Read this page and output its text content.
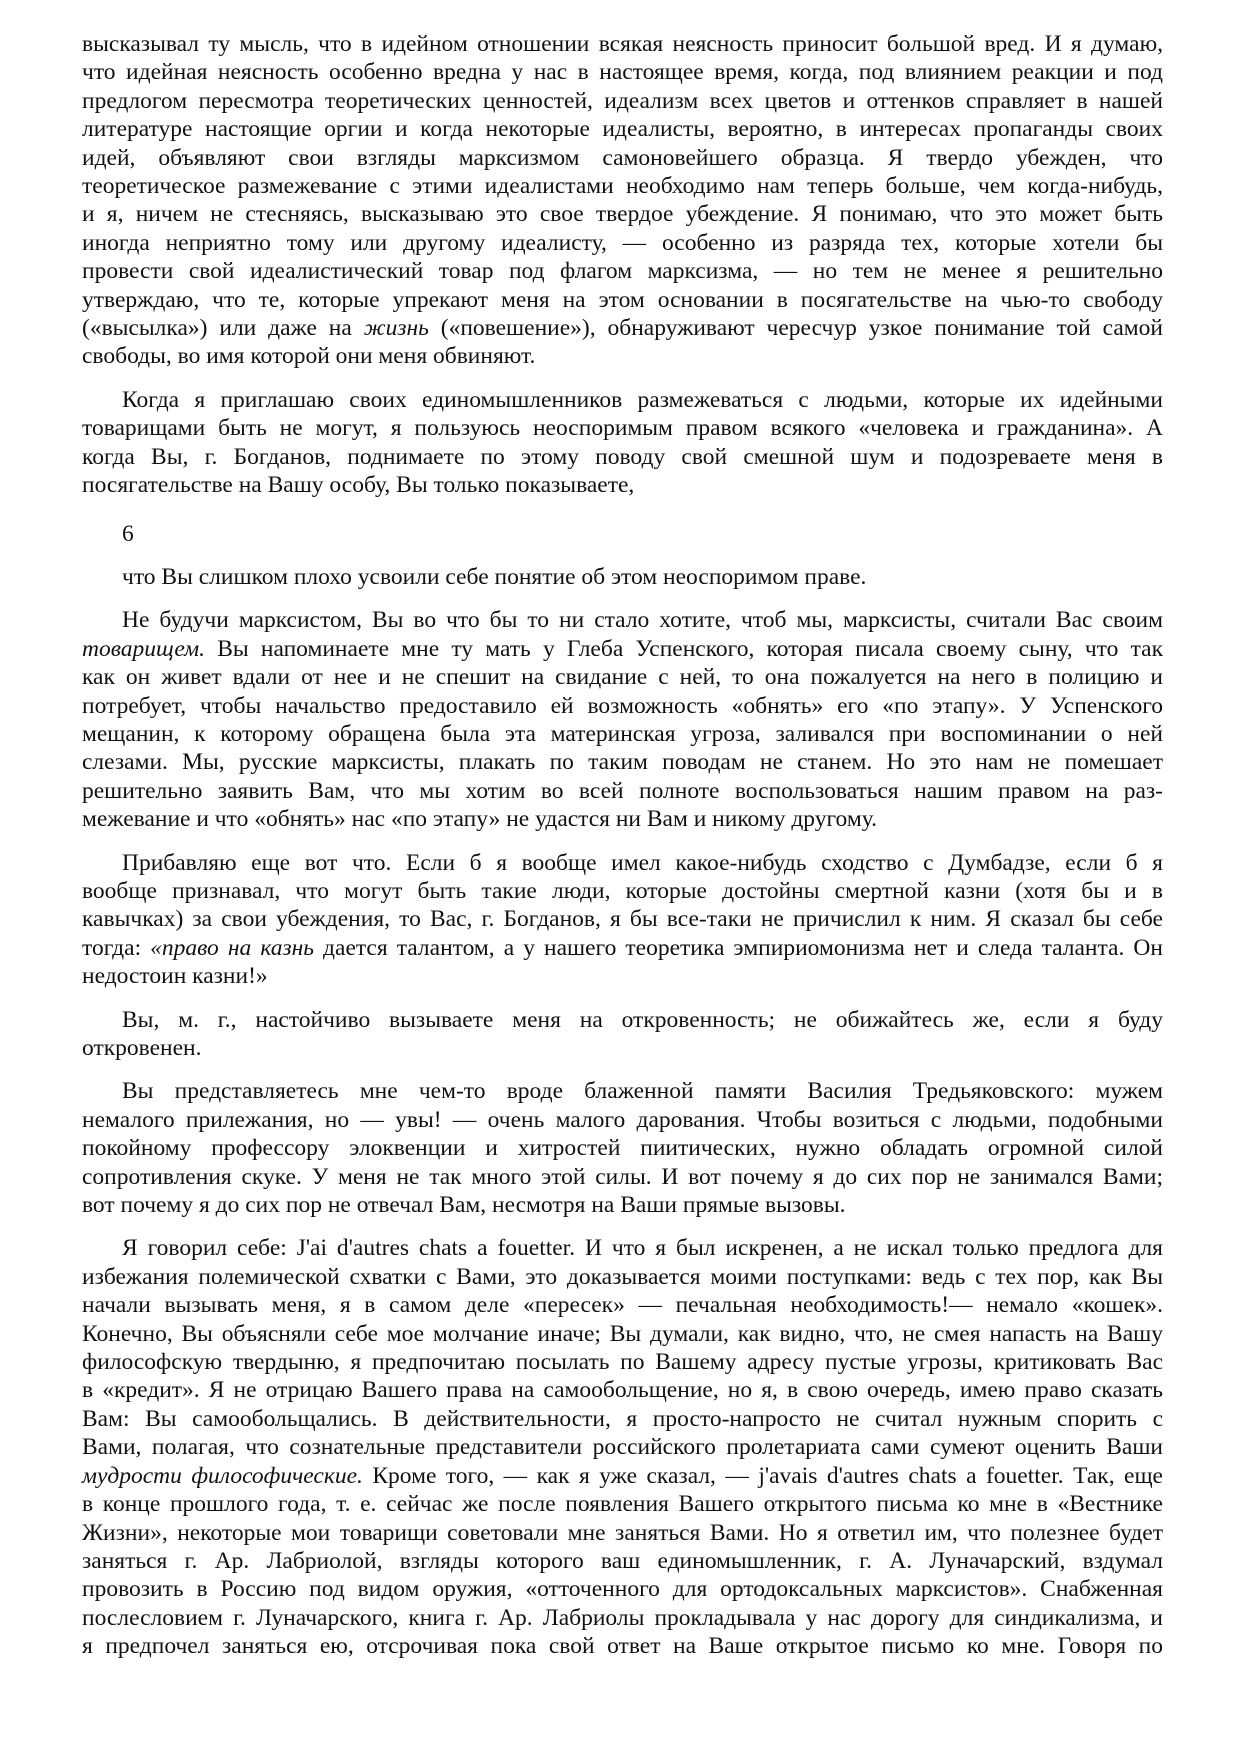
высказывал ту мысль, что в идейном отношении всякая неясность приносит большой вред. И я думаю,
что идейная неясность особенно вредна у нас в настоящее время, когда, под влиянием реакции и под
предлогом пересмотра теоретических ценностей, идеализм всех цветов и оттенков справляет в нашей
литературе настоящие оргии и когда некоторые идеалисты, вероятно, в интересах пропаганды своих
идей, объявляют свои взгляды марксизмом самоновейшего образца. Я твердо убежден, что
теоретическое размежевание с этими идеалистами необходимо нам теперь больше, чем когда-нибудь,
и я, ничем не стесняясь, высказываю это свое твердое убеждение. Я понимаю, что это может быть
иногда неприятно тому или другому идеалисту, — особенно из разряда тех, которые хотели бы
провести свой идеалистический товар под флагом марксизма, — но тем не менее я решительно
утверждаю, что те, которые упрекают меня на этом основании в посягательстве на чью-то свободу
(«высылка») или даже на жизнь («повешение»), обнаруживают чересчур узкое понимание той самой
свободы, во имя которой они меня обвиняют.
Когда я приглашаю своих единомышленников размежеваться с людьми, которые их идейными
товарищами быть не могут, я пользуюсь неоспоримым правом всякого «человека и гражданина». А
когда Вы, г. Богданов, поднимаете по этому поводу свой смешной шум и подозреваете меня в
посягательстве на Вашу особу, Вы только показываете,
6
что Вы слишком плохо усвоили себе понятие об этом неоспоримом праве.
Не будучи марксистом, Вы во что бы то ни стало хотите, чтоб мы, марксисты, считали Вас своим
товарищем. Вы напоминаете мне ту мать у Глеба Успенского, которая писала своему сыну, что так
как он живет вдали от нее и не спешит на свидание с ней, то она пожалуется на него в полицию и
потребует, чтобы начальство предоставило ей возможность «обнять» его «по этапу». У Успенского
мещанин, к которому обращена была эта материнская угроза, заливался при воспоминании о ней
слезами. Мы, русские марксисты, плакать по таким поводам не станем. Но это нам не помешает
решительно заявить Вам, что мы хотим во всей полноте воспользоваться нашим правом на раз-
межевание и что «обнять» нас «по этапу» не удастся ни Вам и никому другому.
Прибавляю еще вот что. Если б я вообще имел какое-нибудь сходство с Думбадзе, если б я
вообще признавал, что могут быть такие люди, которые достойны смертной казни (хотя бы и в
кавычках) за свои убеждения, то Вас, г. Богданов, я бы все-таки не причислил к ним. Я сказал бы себе
тогда: «право на казнь дается талантом, а у нашего теоретика эмпириомонизма нет и следа таланта. Он
недостоин казни!»
Вы, м. г., настойчиво вызываете меня на откровенность; не обижайтесь же, если я буду
откровенен.
Вы представляетесь мне чем-то вроде блаженной памяти Василия Тредьяковского: мужем
немалого прилежания, но — увы! — очень малого дарования. Чтобы возиться с людьми, подобными
покойному профессору элоквенции и хитростей пиитических, нужно обладать огромной силой
сопротивления скуке. У меня не так много этой силы. И вот почему я до сих пор не занимался Вами;
вот почему я до сих пор не отвечал Вам, несмотря на Ваши прямые вызовы.
Я говорил себе: J'ai d'autres chats a fouetter. И что я был искренен, а не искал только предлога для
избежания полемической схватки с Вами, это доказывается моими поступками: ведь с тех пор, как Вы
начали вызывать меня, я в самом деле «пересек» — печальная необходимость!— немало «кошек».
Конечно, Вы объясняли себе мое молчание иначе; Вы думали, как видно, что, не смея напасть на Вашу
философскую твердыню, я предпочитаю посылать по Вашему адресу пустые угрозы, критиковать Вас
в «кредит». Я не отрицаю Вашего права на самообольщение, но я, в свою очередь, имею право сказать
Вам: Вы самообольщались. В действительности, я просто-напросто не считал нужным спорить с
Вами, полагая, что сознательные представители российского пролетариата сами сумеют оценить Ваши
мудрости философические. Кроме того, — как я уже сказал, — j'avais d'autres chats a fouetter. Так, еще
в конце прошлого года, т. е. сейчас же после появления Вашего открытого письма ко мне в «Вестнике
Жизни», некоторые мои товарищи советовали мне заняться Вами. Но я ответил им, что полезнее будет
заняться г. Ар. Лабриолой, взгляды которого ваш единомышленник, г. А. Луначарский, вздумал
провозить в Россию под видом оружия, «отточенного для ортодоксальных марксистов». Снабженная
послесловием г. Луначарского, книга г. Ар. Лабриолы прокладывала у нас дорогу для синдикализма, и
я предпочел заняться ею, отсрочивая пока свой ответ на Ваше открытое письмо ко мне. Говоря по
